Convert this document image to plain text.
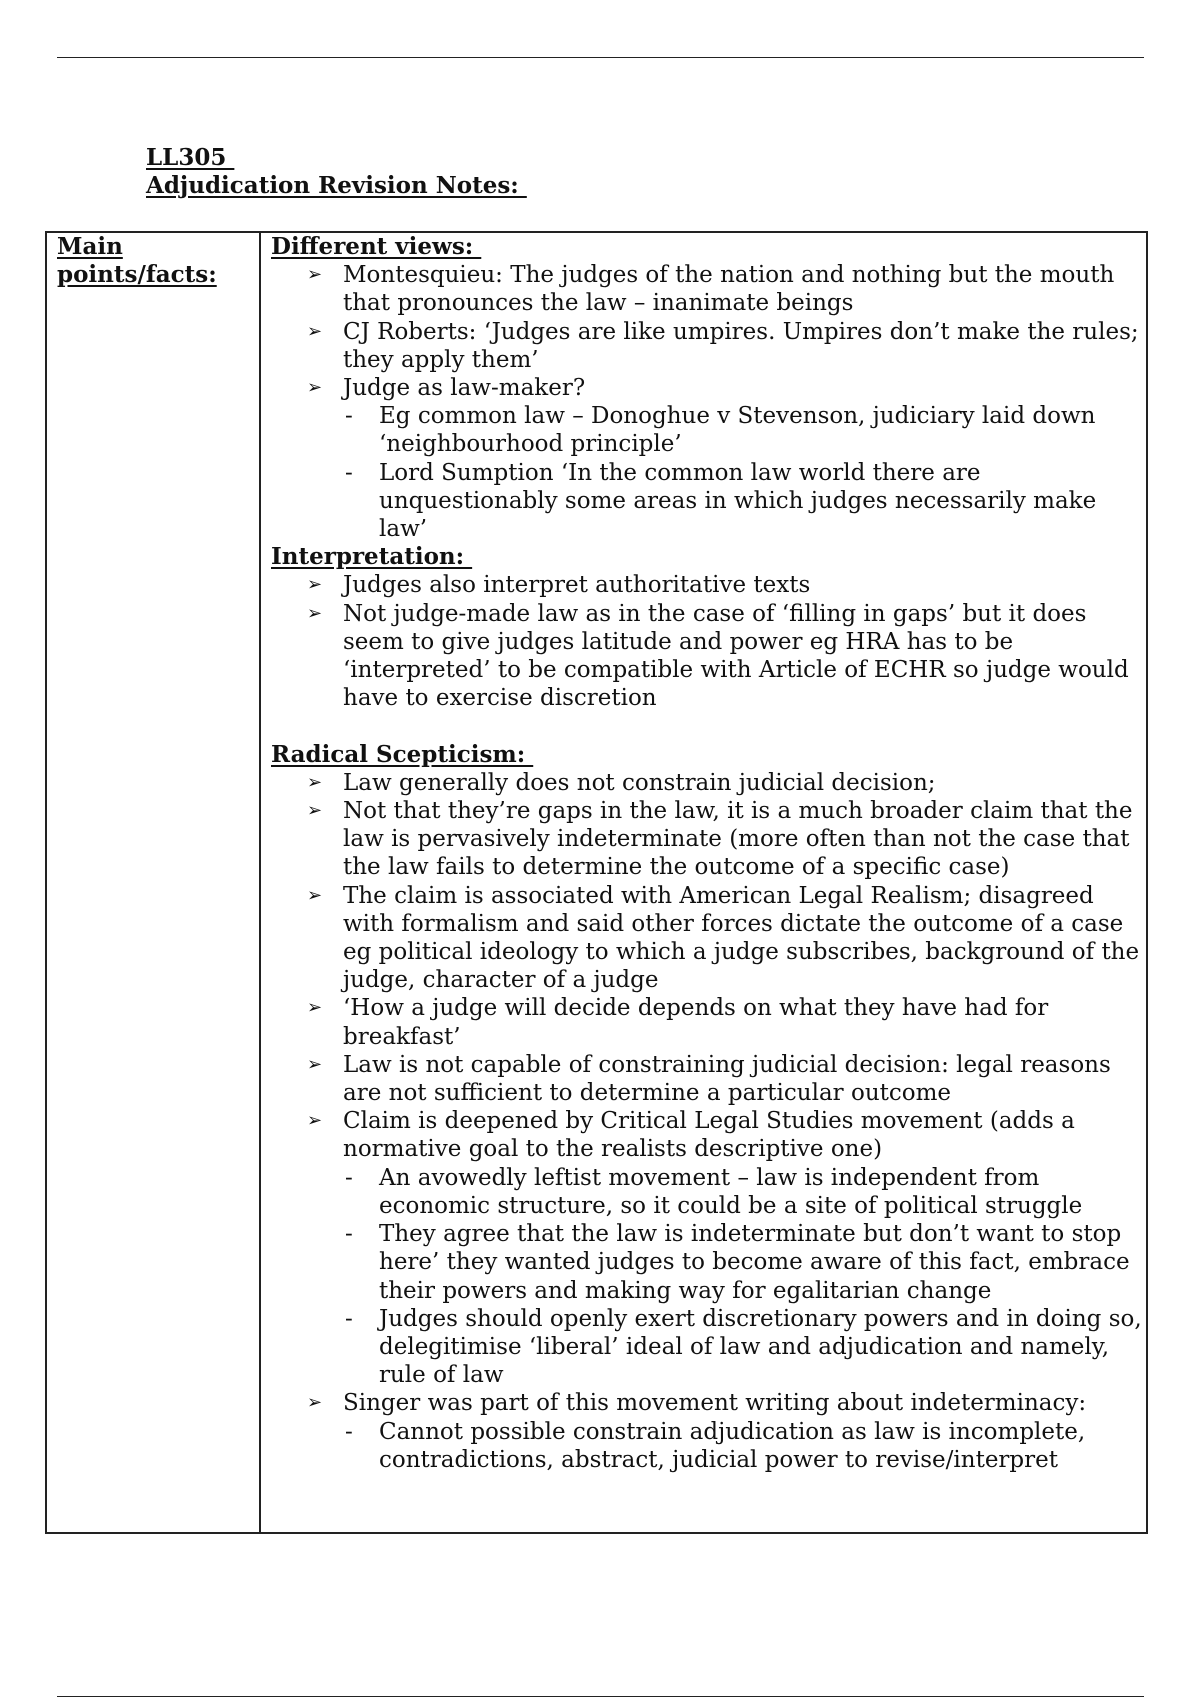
LL305
Adjudication Revision Notes:
Main
points/facts:
Different views:
➢ Montesquieu: The judges of the nation and nothing but the mouth that pronounces the law – inanimate beings
➢ CJ Roberts: ‘Judges are like umpires. Umpires don’t make the rules; they apply them’
➢ Judge as law-maker?
- Eg common law – Donoghue v Stevenson, judiciary laid down ‘neighbourhood principle’
- Lord Sumption ‘In the common law world there are unquestionably some areas in which judges necessarily make law’
Interpretation:
➢ Judges also interpret authoritative texts
➢ Not judge-made law as in the case of ‘filling in gaps’ but it does seem to give judges latitude and power eg HRA has to be ‘interpreted’ to be compatible with Article of ECHR so judge would have to exercise discretion
Radical Scepticism:
➢ Law generally does not constrain judicial decision;
➢ Not that they’re gaps in the law, it is a much broader claim that the law is pervasively indeterminate (more often than not the case that the law fails to determine the outcome of a specific case)
➢ The claim is associated with American Legal Realism; disagreed with formalism and said other forces dictate the outcome of a case eg political ideology to which a judge subscribes, background of the judge, character of a judge
➢ ‘How a judge will decide depends on what they have had for breakfast’
➢ Law is not capable of constraining judicial decision: legal reasons are not sufficient to determine a particular outcome
➢ Claim is deepened by Critical Legal Studies movement (adds a normative goal to the realists descriptive one)
- An avowedly leftist movement – law is independent from economic structure, so it could be a site of political struggle
- They agree that the law is indeterminate but don’t want to stop here’ they wanted judges to become aware of this fact, embrace their powers and making way for egalitarian change
- Judges should openly exert discretionary powers and in doing so, delegitimise ‘liberal’ ideal of law and adjudication and namely, rule of law
➢ Singer was part of this movement writing about indeterminacy:
- Cannot possible constrain adjudication as law is incomplete, contradictions, abstract, judicial power to revise/interpret
